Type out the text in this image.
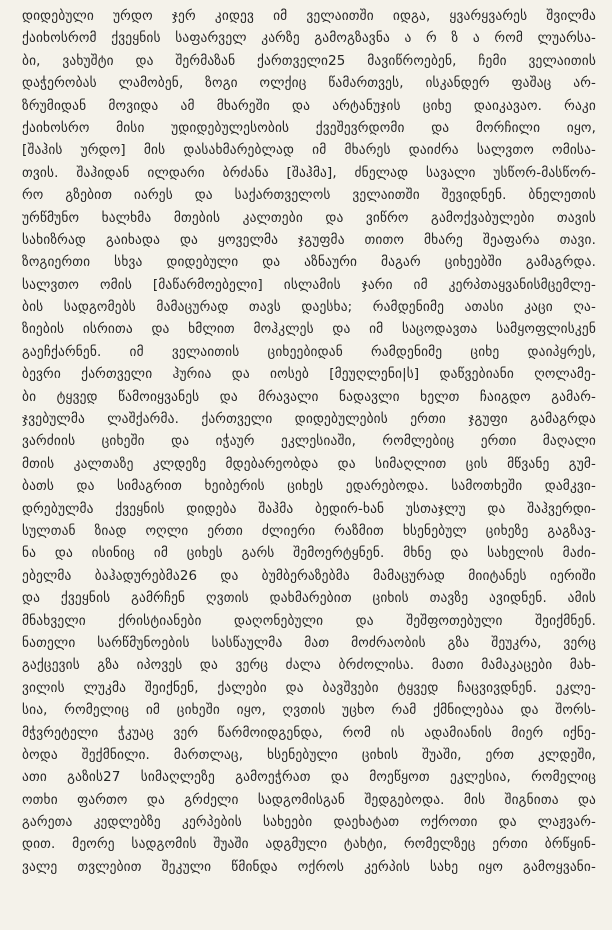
დიდებული ურდო ჯერ კიდევ იმ ველაითში იდგა, ყვარყვარეს შვილმა
ქაიხოსრომ ქვეყნის საფარველ კარზე გამოგზავნა ა რ ზ ა რომ ლუარსა-
ბი, ვახუშტი და შერმაზან ქართველი25 მავიწროებენ, ჩემი ველაითის
დაჭერობას ლამობენ, ზოგი ოლქიც წამართვეს, ისკანდერ ფაშაც არ-
ზრუმიდან მოვიდა ამ მხარეში და არტანუჯის ციხე დაიკავაო. რაკი
ქაიხოსრო მისი უდიდებულესობის ქვეშევრდომი და მორჩილი იყო,
[შაჰის ურდო] მის დასახმარებლად იმ მხარეს დაიძრა სალვთო ომისა-
თვის. შაჰიდან ილდარი ბრძანა [შაჰმა], ძნელად სავალი უსწორ-მასწორ-
რო გზებით იარეს და საქართველოს ველაითში შევიდნენ. ბნელეთის
ურწმუნო ხალხმა მთების კალთები და ვიწრო გამოქვაბულები თავის
სახიზრად გაიხადა და ყოველმა ჯგუფმა თითო მხარე შეაფარა თავი.
ზოგიერთი სხვა დიდებული და აზნაური მაგარ ციხეებში გამაგრდა.
სალვთო ომის [მაწარმოებელი] ისლამის ჯარი იმ კერპთაყვანისმცემლე-
ბის სადგომებს მამაცურად თავს დაესხა; რამდენიმე ათასი კაცი ღა-
ზიების ისრითა და ხმლით მოჰკლეს და იმ საცოდავთა სამყოფლისკენ
გაეჩქარნენ. იმ ველაითის ციხეებიდან რამდენიმე ციხე დაიპყრეს,
ბევრი ქართველი ჰურია და იოსებ [მეუღლენი|ს] დაწვებიანი ღოლამე-
ბი ტყვედ წამოიყვანეს და მრავალი ნადავლი ხელთ ჩაიგდო გამარ-
ჯვებულმა ლაშქარმა. ქართველი დიდებულების ერთი ჯგუფი გამაგრდა
ვარძიის ციხეში და იჭაურ ეკლესიაში, რომლებიც ერთი მაღალი
მთის კალთაზე კლდეზე მდებარეობდა და სიმაღლით ცის მწვანე გუმ-
ბათს და სიმაგრით ხეიბერის ციხეს ედარებოდა. სამოთხეში დამკვი-
დრებულმა ქვეყნის დიდება შაჰმა ბედირ-ხან უსთაჯლუ და შაჰვერდი-
სულთან ზიად ოღლი ერთი ძლიერი რაზმით ხსენებულ ციხეზე გაგზავ-
ნა და ისინიც იმ ციხეს გარს შემოერტყნენ. მხნე და სახელის მაძი-
ებელმა ბაჰადურებმა26 და ბუმბერაზებმა მამაცურად მიიტანეს იერიში
და ქვეყნის გამრჩენ ღვთის დახმარებით ციხის თავზე ავიდნენ. ამის
მნახველი ქრისტიანები დაღონებული და შეშფოთებული შეიქმნენ.
ნათელი სარწმუნოების სასწაულმა მათ მოძრაობის გზა შეუკრა, ვერც
გაქცევის გზა იპოვეს და ვერც ძალა ბრძოლისა. მათი მამაკაცები მახ-
ვილის ლუკმა შეიქნენ, ქალები და ბავშვები ტყვედ ჩაცვივდნენ. ეკლე-
სია, რომელიც იმ ციხეში იყო, ღვთის უცხო რამ ქმნილებაა და შორს-
მჭვრეტელი ჭკუაც ვერ წარმოიდგენდა, რომ ის ადამიანის მიერ იქნე-
ბოდა შექმნილი. მართლაც, ხსენებული ციხის შუაში, ერთ კლდეში,
ათი გაზის27 სიმაღლეზე გამოეჭრათ და მოეწყოთ ეკლესია, რომელიც
ოთხი ფართო და გრძელი სადგომისგან შედგებოდა. მის შიგნითა და
გარეთა კედლებზე კერპების სახეები დაეხატათ ოქროთი და ლაჟვარ-
დით. მეორე სადგომის შუაში ადგმული ტახტი, რომელზეც ერთი ბრწყინ-
ვალე თვლებით შეკული წმინდა ოქროს კერპის სახე იყო გამოყვანი-
